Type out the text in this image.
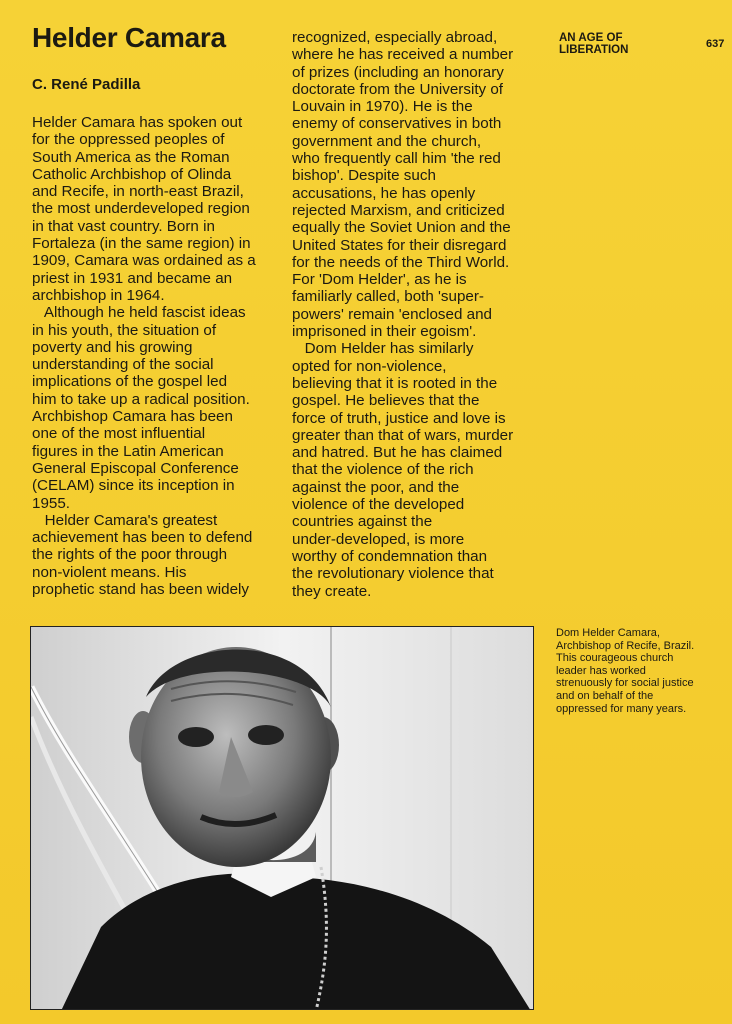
Helder Camara
C. René Padilla
AN AGE OF
LIBERATION	637
Helder Camara has spoken out
for the oppressed peoples of
South America as the Roman
Catholic Archbishop of Olinda
and Recife, in north-east Brazil,
the most underdeveloped region
in that vast country. Born in
Fortaleza (in the same region) in
1909, Camara was ordained as a
priest in 1931 and became an
archbishop in 1964.
Although he held fascist ideas
in his youth, the situation of
poverty and his growing
understanding of the social
implications of the gospel led
him to take up a radical position.
Archbishop Camara has been
one of the most influential
figures in the Latin American
General Episcopal Conference
(CELAM) since its inception in
1955.
Helder Camara's greatest
achievement has been to defend
the rights of the poor through
non-violent means. His
prophetic stand has been widely
recognized, especially abroad,
where he has received a number
of prizes (including an honorary
doctorate from the University of
Louvain in 1970). He is the
enemy of conservatives in both
government and the church,
who frequently call him 'the red
bishop'. Despite such
accusations, he has openly
rejected Marxism, and criticized
equally the Soviet Union and the
United States for their disregard
for the needs of the Third World.
For 'Dom Helder', as he is
familiarly called, both 'super-
powers' remain 'enclosed and
imprisoned in their egoism'.
Dom Helder has similarly
opted for non-violence,
believing that it is rooted in the
gospel. He believes that the
force of truth, justice and love is
greater than that of wars, murder
and hatred. But he has claimed
that the violence of the rich
against the poor, and the
violence of the developed
countries against the
under-developed, is more
worthy of condemnation than
the revolutionary violence that
they create.
Dom Helder Camara,
Archbishop of Recife, Brazil.
This courageous church
leader has worked
strenuously for social justice
and on behalf of the
oppressed for many years.
